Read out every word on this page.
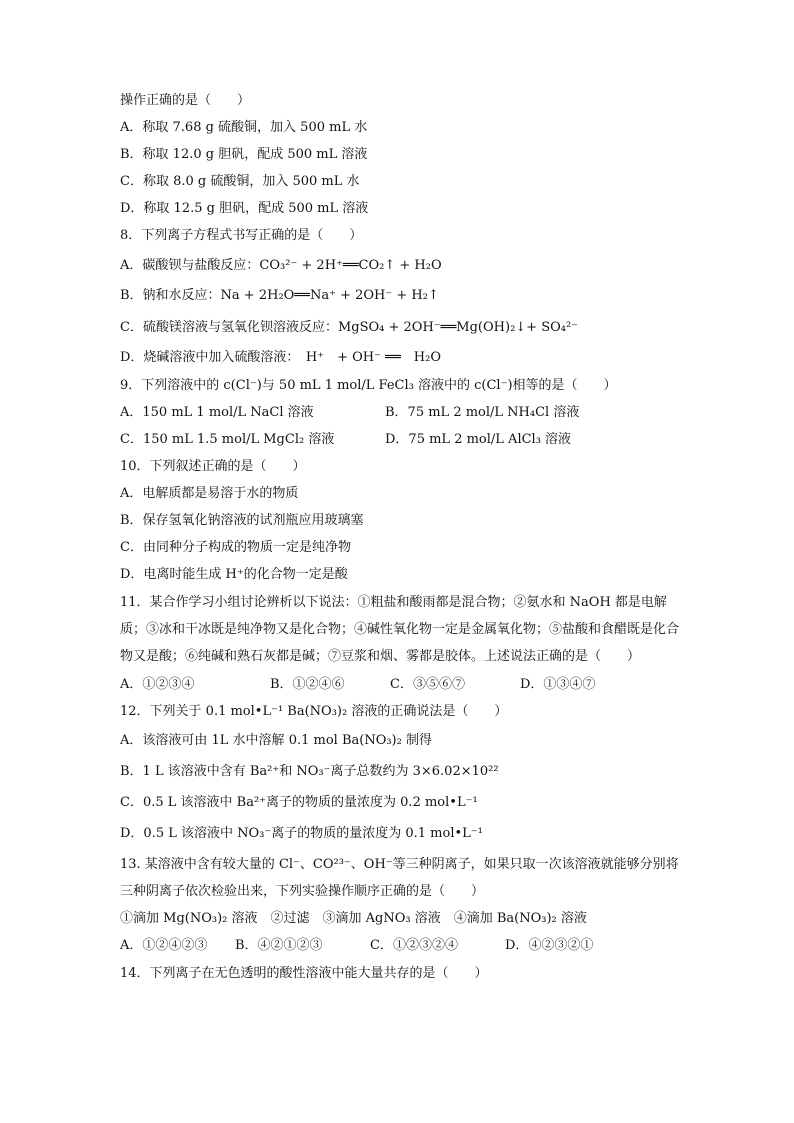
操作正确的是（　　）

A．称取 7.68 g 硫酸铜，加入 500 mL 水

B．称取 12.0 g 胆矾，配成 500 mL 溶液

C．称取 8.0 g 硫酸铜，加入 500 mL 水

D．称取 12.5 g 胆矾，配成 500 mL 溶液

8．下列离子方程式书写正确的是（　　）

A．碳酸钡与盐酸反应：CO₃²⁻ + 2H⁺══CO₂↑ + H₂O

B．钠和水反应：Na + 2H₂O══Na⁺ + 2OH⁻ + H₂↑

C．硫酸镁溶液与氢氧化钡溶液反应：MgSO₄ + 2OH⁻══Mg(OH)₂↓+ SO₄²⁻

D．烧碱溶液中加入硫酸溶液：　H⁺　+ OH⁻ ══　H₂O

9．下列溶液中的 c(Cl⁻)与 50 mL 1 mol/L FeCl₃ 溶液中的 c(Cl⁻)相等的是（　　）

A．150 mL 1 mol/L NaCl 溶液	B．75 mL 2 mol/L NH₄Cl 溶液
C．150 mL 1.5 mol/L MgCl₂ 溶液	D．75 mL 2 mol/L AlCl₃ 溶液

10．下列叙述正确的是（　　）

A．电解质都是易溶于水的物质

B．保存氢氧化钠溶液的试剂瓶应用玻璃塞

C．由同种分子构成的物质一定是纯净物

D．电离时能生成 H⁺的化合物一定是酸

11．某合作学习小组讨论辨析以下说法：①粗盐和酸雨都是混合物；②氨水和 NaOH 都是电解质；③冰和干冰既是纯净物又是化合物；④碱性氧化物一定是金属氧化物；⑤盐酸和食醋既是化合物又是酸；⑥纯碱和熟石灰都是碱；⑦豆浆和烟、雾都是胶体。上述说法正确的是（　　）

A．①②③④	B．①②④⑥	C．③⑤⑥⑦	D．①③④⑦

12．下列关于 0.1 mol•L⁻¹ Ba(NO₃)₂ 溶液的正确说法是（　　）

A．该溶液可由 1L 水中溶解 0.1 mol Ba(NO₃)₂ 制得

B．1 L 该溶液中含有 Ba²⁺和 NO₃⁻离子总数约为 3×6.02×10²²

C．0.5 L 该溶液中 Ba²⁺离子的物质的量浓度为 0.2 mol•L⁻¹

D．0.5 L 该溶液中 NO₃⁻离子的物质的量浓度为 0.1 mol•L⁻¹

13. 某溶液中含有较大量的 Cl⁻、CO²³⁻、OH⁻等三种阴离子，如果只取一次该溶液就能够分别将三种阴离子依次检验出来，下列实验操作顺序正确的是（　　）

①滴加 Mg(NO₃)₂ 溶液　②过滤　③滴加 AgNO₃ 溶液　④滴加 Ba(NO₃)₂ 溶液

A．①②④②③	B．④②①②③	C．①②③②④	D．④②③②①

14．下列离子在无色透明的酸性溶液中能大量共存的是（　　）
